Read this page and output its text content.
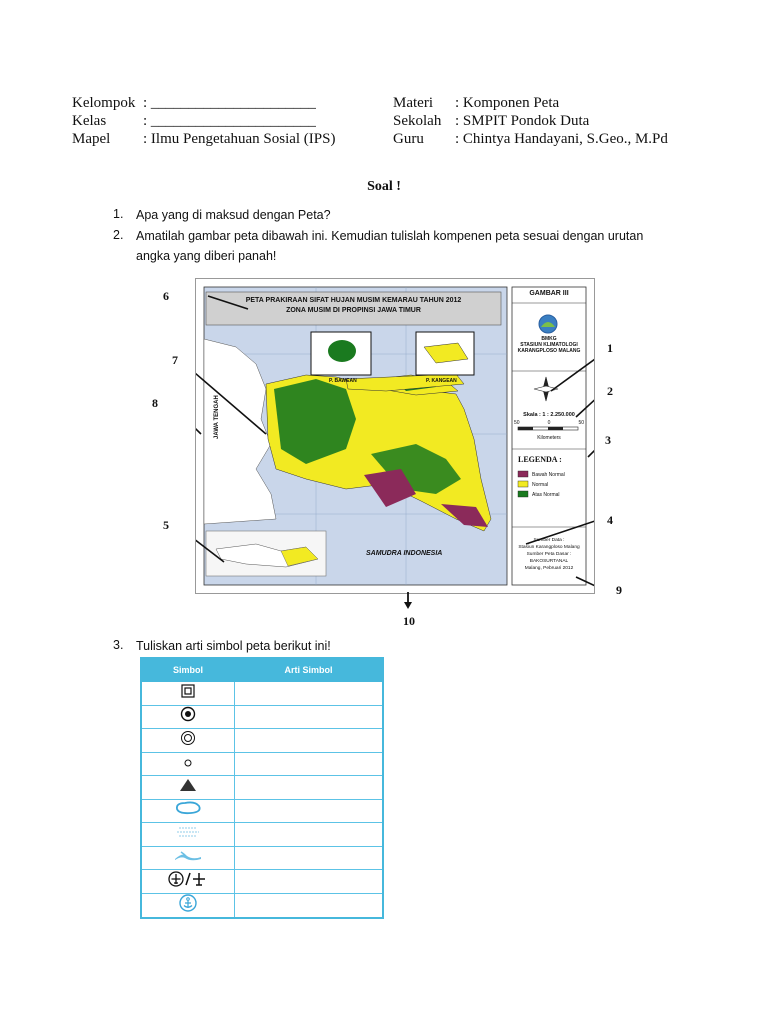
Kelompok : ______________________
Kelas : ______________________
Mapel : Ilmu Pengetahuan Sosial (IPS)
Materi : Komponen Peta
Sekolah : SMPIT Pondok Duta
Guru : Chintya Handayani, S.Geo., M.Pd
Soal !
1. Apa yang di maksud dengan Peta?
2. Amatilah gambar peta dibawah ini. Kemudian tulislah kompenen peta sesuai dengan urutan
angka yang diberi panah!
PETA PRAKIRAAN SIFAT HUJAN MUSIM KEMARAU TAHUN 2012
ZONA MUSIM DI PROPINSI JAWA TIMUR
GAMBAR III
BMKG
STASIUN KLIMATOLOGI
KARANGPLOSO MALANG
Skala : 1 : 2.250.000
50	0	50
Kilometers
LEGENDA :
Bawah Normal
Normal
Atas Normal
Sumber Data :
Stasiun Karangploso Malang
Sumber Peta Dasar :
BAKOSURTANAL
Malang, Pebruari 2012
P. BAWEAN	P. KANGEAN
JAWA TENGAH
SAMUDRA INDONESIA
1
2
3
4
5
6
7
8
9
10
3. Tuliskan arti simbol peta berikut ini!
Simbol	Arti Simbol
